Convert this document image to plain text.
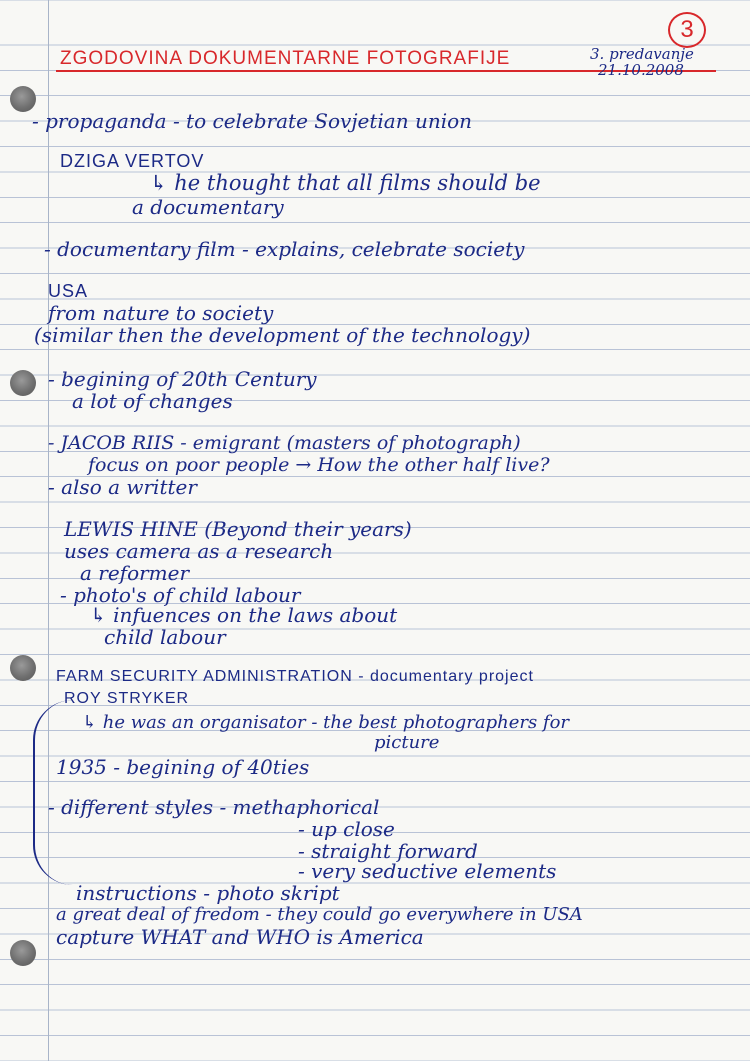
3
ZGODOVINA DOKUMENTARNE FOTOGRAFIJE	3. predavanje
21.10.2008

- propaganda - to celebrate Sovjetian union

DZIGA VERTOV

↳ he thought that all films should be

a documentary

- documentary film - explains, celebrate society

USA

from nature to society

(similar then the development of the technology)

- begining of 20th Century

a lot of changes

- JACOB RIIS - emigrant (masters of photograph)

focus on poor people → How the other half live?

- also a writter

LEWIS HINE (Beyond their years)

uses camera as a research

a reformer

- photo's of child labour

↳ infuences on the laws about

child labour

FARM SECURITY ADMINISTRATION - documentary project

ROY STRYKER

↳ he was an organisator - the best photographers for

picture

1935 - begining of 40ties

- different styles - methaphorical

- up close

- straight forward

- very seductive elements

instructions - photo skript

a great deal of fredom - they could go everywhere in USA

capture WHAT and WHO is America
